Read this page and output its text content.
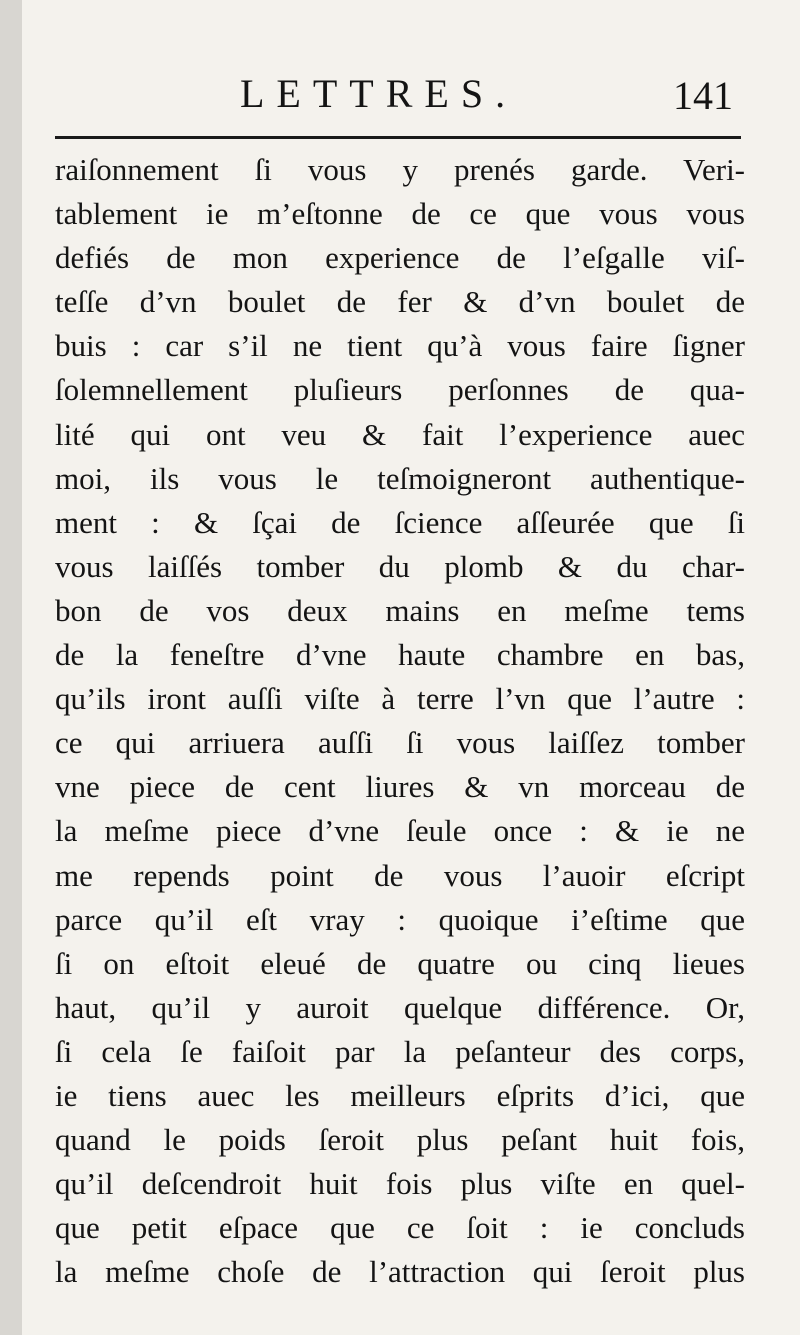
LETTRES.	141
raiſonnement ſi vous y prenés garde. Veri-
tablement ie m’eſtonne de ce que vous vous
defiés de mon experience de l’eſgalle viſ-
teſſe d’vn boulet de fer & d’vn boulet de
buis : car s’il ne tient qu’à vous faire ſigner
ſolemnellement pluſieurs perſonnes de qua-
lité qui ont veu & fait l’experience auec
moi, ils vous le teſmoigneront authentique-
ment : & ſçai de ſcience aſſeurée que ſi
vous laiſſés tomber du plomb & du char-
bon de vos deux mains en meſme tems
de la feneſtre d’vne haute chambre en bas,
qu’ils iront auſſi viſte à terre l’vn que l’autre :
ce qui arriuera auſſi ſi vous laiſſez tomber
vne piece de cent liures & vn morceau de
la meſme piece d’vne ſeule once : & ie ne
me repends point de vous l’auoir eſcript
parce qu’il eſt vray : quoique i’eſtime que
ſi on eſtoit eleué de quatre ou cinq lieues
haut, qu’il y auroit quelque différence. Or,
ſi cela ſe faiſoit par la peſanteur des corps,
ie tiens auec les meilleurs eſprits d’ici, que
quand le poids ſeroit plus peſant huit fois,
qu’il deſcendroit huit fois plus viſte en quel-
que petit eſpace que ce ſoit : ie concluds
la meſme choſe de l’attraction qui ſeroit plus
